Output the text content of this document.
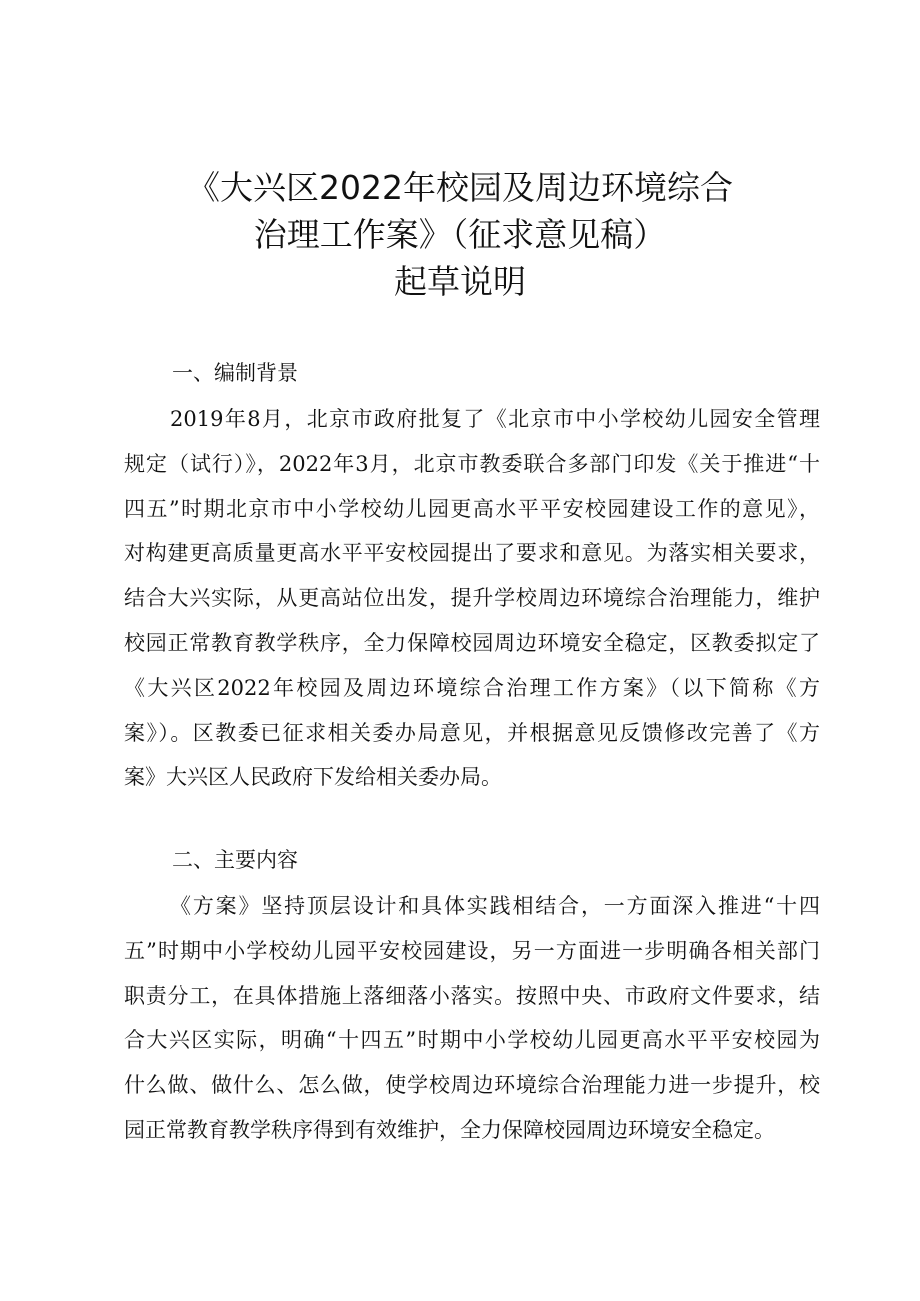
《大兴区2022年校园及周边环境综合
治理工作案》（征求意见稿）
起草说明
一、编制背景
2019年8月，北京市政府批复了《北京市中小学校幼儿园安全管理
规定（试行）》，2022年3月，北京市教委联合多部门印发《关于推进“十
四五”时期北京市中小学校幼儿园更高水平平安校园建设工作的意见》，
对构建更高质量更高水平平安校园提出了要求和意见。为落实相关要求，
结合大兴实际，从更高站位出发，提升学校周边环境综合治理能力，维护
校园正常教育教学秩序，全力保障校园周边环境安全稳定，区教委拟定了
《大兴区2022年校园及周边环境综合治理工作方案》（以下简称《方
案》）。区教委已征求相关委办局意见，并根据意见反馈修改完善了《方
案》大兴区人民政府下发给相关委办局。
二、主要内容
《方案》坚持顶层设计和具体实践相结合，一方面深入推进“十四
五”时期中小学校幼儿园平安校园建设，另一方面进一步明确各相关部门
职责分工，在具体措施上落细落小落实。按照中央、市政府文件要求，结
合大兴区实际，明确“十四五”时期中小学校幼儿园更高水平平安校园为
什么做、做什么、怎么做，使学校周边环境综合治理能力进一步提升，校
园正常教育教学秩序得到有效维护，全力保障校园周边环境安全稳定。
